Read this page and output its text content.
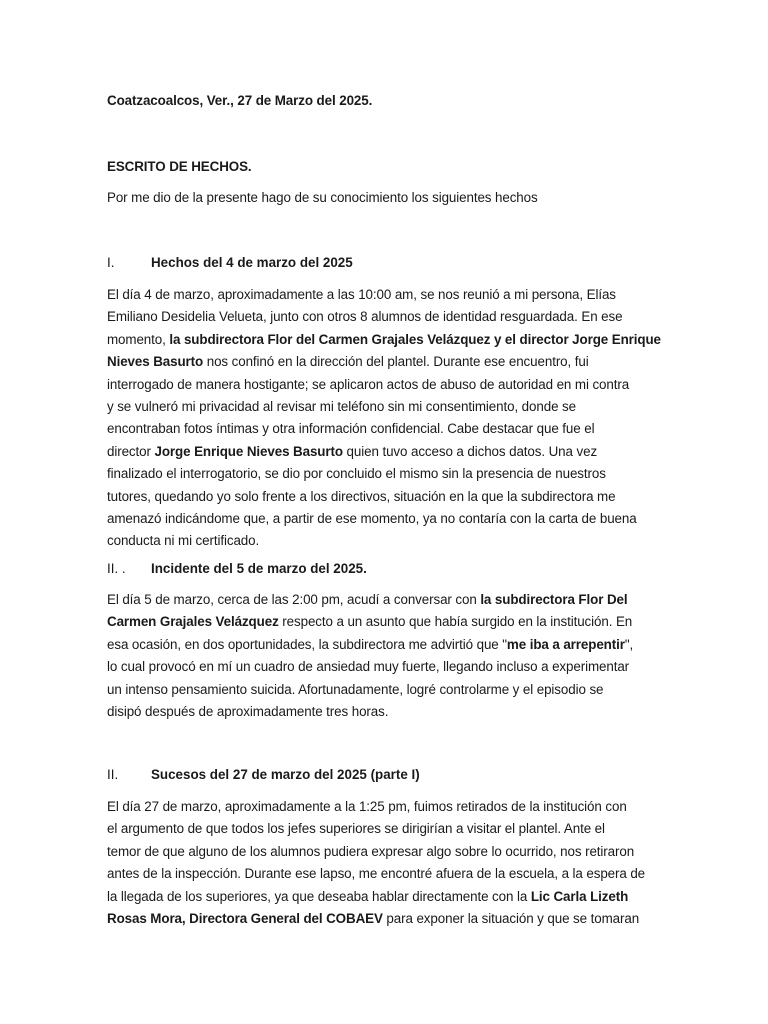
Coatzacoalcos, Ver., 27 de Marzo del 2025.
ESCRITO DE HECHOS.
Por me dio de la presente hago de su conocimiento los siguientes hechos
I.	Hechos del 4 de marzo del 2025
El día 4 de marzo, aproximadamente a las 10:00 am, se nos reunió a mi persona, Elías
Emiliano Desidelia Velueta, junto con otros 8 alumnos de identidad resguardada. En ese
momento, la subdirectora Flor del Carmen Grajales Velázquez y el director Jorge Enrique
Nieves Basurto nos confinó en la dirección del plantel. Durante ese encuentro, fui
interrogado de manera hostigante; se aplicaron actos de abuso de autoridad en mi contra
y se vulneró mi privacidad al revisar mi teléfono sin mi consentimiento, donde se
encontraban fotos íntimas y otra información confidencial. Cabe destacar que fue el
director Jorge Enrique Nieves Basurto quien tuvo acceso a dichos datos. Una vez
finalizado el interrogatorio, se dio por concluido el mismo sin la presencia de nuestros
tutores, quedando yo solo frente a los directivos, situación en la que la subdirectora me
amenazó indicándome que, a partir de ese momento, ya no contaría con la carta de buena
conducta ni mi certificado.
II. . Incidente del 5 de marzo del 2025.
El día 5 de marzo, cerca de las 2:00 pm, acudí a conversar con la subdirectora Flor Del
Carmen Grajales Velázquez respecto a un asunto que había surgido en la institución. En
esa ocasión, en dos oportunidades, la subdirectora me advirtió que "me iba a arrepentir",
lo cual provocó en mí un cuadro de ansiedad muy fuerte, llegando incluso a experimentar
un intenso pensamiento suicida. Afortunadamente, logré controlarme y el episodio se
disipó después de aproximadamente tres horas.
II. Sucesos del 27 de marzo del 2025 (parte I)
El día 27 de marzo, aproximadamente a la 1:25 pm, fuimos retirados de la institución con
el argumento de que todos los jefes superiores se dirigirían a visitar el plantel. Ante el
temor de que alguno de los alumnos pudiera expresar algo sobre lo ocurrido, nos retiraron
antes de la inspección. Durante ese lapso, me encontré afuera de la escuela, a la espera de
la llegada de los superiores, ya que deseaba hablar directamente con la Lic Carla Lizeth
Rosas Mora, Directora General del COBAEV para exponer la situación y que se tomaran
